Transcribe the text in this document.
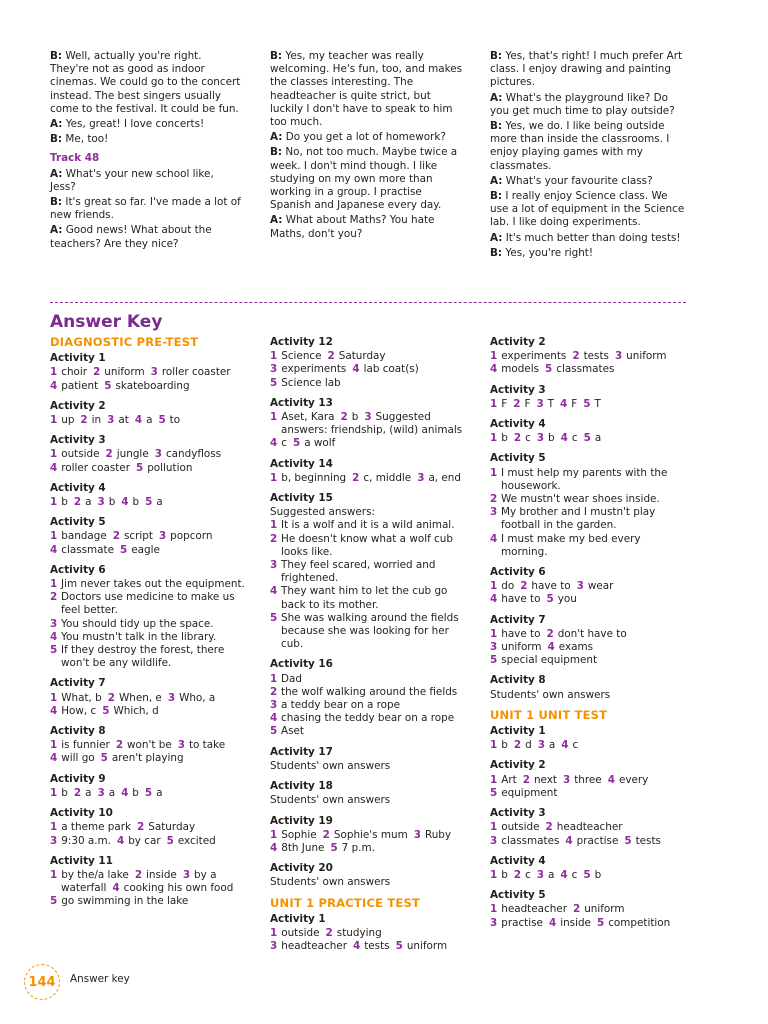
B: Well, actually you're right. They're not as good as indoor cinemas. We could go to the concert instead. The best singers usually come to the festival. It could be fun.

A: Yes, great! I love concerts!

B: Me, too!

Track 48

A: What's your new school like, Jess?

B: It's great so far. I've made a lot of new friends.

A: Good news! What about the teachers? Are they nice?

B: Yes, my teacher was really welcoming. He's fun, too, and makes the classes interesting. The headteacher is quite strict, but luckily I don't have to speak to him too much.

A: Do you get a lot of homework?

B: No, not too much. Maybe twice a week. I don't mind though. I like studying on my own more than working in a group. I practise Spanish and Japanese every day.

A: What about Maths? You hate Maths, don't you?

B: Yes, that's right! I much prefer Art class. I enjoy drawing and painting pictures.

A: What's the playground like? Do you get much time to play outside?

B: Yes, we do. I like being outside more than inside the classrooms. I enjoy playing games with my classmates.

A: What's your favourite class?

B: I really enjoy Science class. We use a lot of equipment in the Science lab. I like doing experiments.

A: It's much better than doing tests!

B: Yes, you're right!

Answer Key
DIAGNOSTIC PRE-TEST
Activity 1
1 choir 2 uniform 3 roller coaster
4 patient 5 skateboarding
Activity 2
1 up 2 in 3 at 4 a 5 to
Activity 3
1 outside 2 jungle 3 candyfloss
4 roller coaster 5 pollution
Activity 4
1 b 2 a 3 b 4 b 5 a
Activity 5
1 bandage 2 script 3 popcorn
4 classmate 5 eagle
Activity 6
1 Jim never takes out the equipment.
2 Doctors use medicine to make us feel better.
3 You should tidy up the space.
4 You mustn't talk in the library.
5 If they destroy the forest, there won't be any wildlife.
Activity 7
1 What, b 2 When, e 3 Who, a
4 How, c 5 Which, d
Activity 8
1 is funnier 2 won't be 3 to take
4 will go 5 aren't playing
Activity 9
1 b 2 a 3 a 4 b 5 a
Activity 10
1 a theme park 2 Saturday
3 9:30 a.m. 4 by car 5 excited
Activity 11
1 by the/a lake 2 inside 3 by a
waterfall 4 cooking his own food
5 go swimming in the lake
Activity 12
1 Science 2 Saturday
3 experiments 4 lab coat(s)
5 Science lab
Activity 13
1 Aset, Kara 2 b 3 Suggested
answers: friendship, (wild) animals
4 c 5 a wolf
Activity 14
1 b, beginning 2 c, middle 3 a, end
Activity 15
Suggested answers:
1 It is a wolf and it is a wild animal.
2 He doesn't know what a wolf cub looks like.
3 They feel scared, worried and frightened.
4 They want him to let the cub go back to its mother.
5 She was walking around the fields because she was looking for her cub.
Activity 16
1 Dad
2 the wolf walking around the fields
3 a teddy bear on a rope
4 chasing the teddy bear on a rope
5 Aset
Activity 17
Students' own answers
Activity 18
Students' own answers
Activity 19
1 Sophie 2 Sophie's mum 3 Ruby
4 8th June 5 7 p.m.
Activity 20
Students' own answers
UNIT 1 PRACTICE TEST
Activity 1
1 outside 2 studying
3 headteacher 4 tests 5 uniform
Activity 2
1 experiments 2 tests 3 uniform
4 models 5 classmates
Activity 3
1 F 2 F 3 T 4 F 5 T
Activity 4
1 b 2 c 3 b 4 c 5 a
Activity 5
1 I must help my parents with the housework.
2 We mustn't wear shoes inside.
3 My brother and I mustn't play football in the garden.
4 I must make my bed every morning.
Activity 6
1 do 2 have to 3 wear
4 have to 5 you
Activity 7
1 have to 2 don't have to
3 uniform 4 exams
5 special equipment
Activity 8
Students' own answers
UNIT 1 UNIT TEST
Activity 1
1 b 2 d 3 a 4 c
Activity 2
1 Art 2 next 3 three 4 every
5 equipment
Activity 3
1 outside 2 headteacher
3 classmates 4 practise 5 tests
Activity 4
1 b 2 c 3 a 4 c 5 b
Activity 5
1 headteacher 2 uniform
3 practise 4 inside 5 competition
144	Answer key
